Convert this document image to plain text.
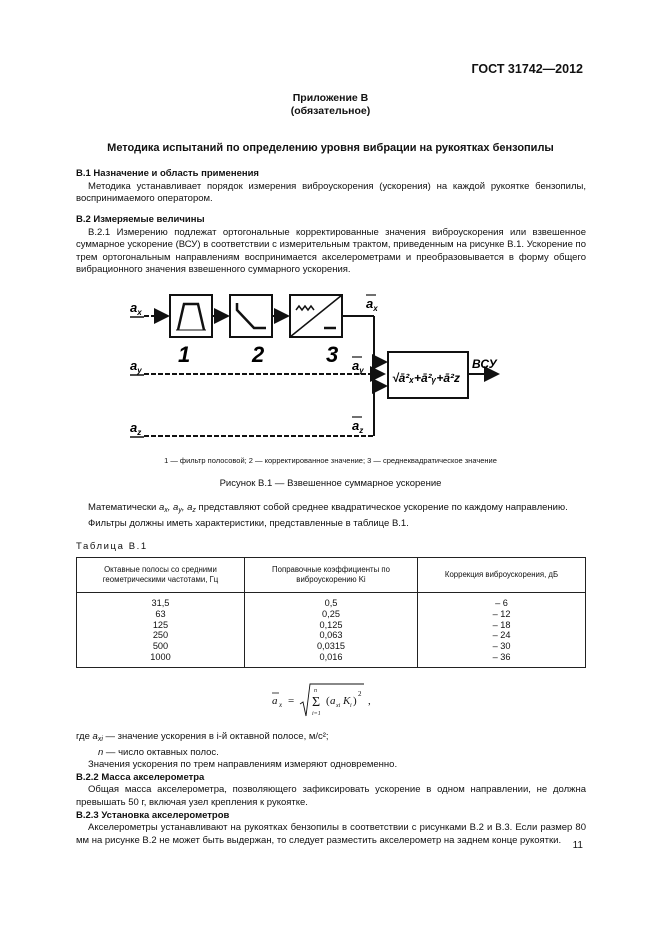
ГОСТ 31742—2012
Приложение В
(обязательное)
Методика испытаний по определению уровня вибрации на рукоятках бензопилы

В.1 Назначение и область применения

Методика устанавливает порядок измерения виброускорения (ускорения) на каждой рукоятке бензопилы, воспринимаемого оператором.

В.2 Измеряемые величины

В.2.1 Измерению подлежат ортогональные корректированные значения виброускорения или взвешенное суммарное ускорение (ВСУ) в соответствии с измерительным трактом, приведенным на рисунке В.1. Ускорение по трем ортогональным направлениям воспринимается акселерометрами и преобразовывается в форму общего вибрационного значения взвешенного суммарного ускорения.

$a_x$
$a_y$
$a_z$
$a_x$
$a_y$
$a_z$
1	2	3
√ā²ₓ+ā²ᵧ+ā²z
ВСУ
1 — фильтр полосовой; 2 — корректированное значение; 3 — среднеквадратическое значение
Рисунок В.1 — Взвешенное суммарное ускорение

Математически $a_x$, $a_y$, $a_z$ представляют собой среднее квадратическое ускорение по каждому направлению.

Фильтры должны иметь характеристики, представленные в таблице В.1.

Таблица В.1
Октавные полосы со средними геометрическими частотами, Гц	Поправочные коэффициенты по виброускорению Ki	Коррекция виброускорения, дБ
31,5	0,5	– 6
63	0,25	– 12
125	0,125	– 18
250	0,063	– 24
500	0,0315	– 30
1000	0,016	– 36
a x =
n
Σ
i=1
( a xi K i )
2
,

где $a_{xi}$ — значение ускорения в i-й октавной полосе, м/с²;

n — число октавных полос.

Значения ускорения по трем направлениям измеряют одновременно.

В.2.2 Масса акселерометра

Общая масса акселерометра, позволяющего зафиксировать ускорение в одном направлении, не должна превышать 50 г, включая узел крепления к рукоятке.

В.2.3 Установка акселерометров

Акселерометры устанавливают на рукоятках бензопилы в соответствии с рисунками В.2 и В.3. Если размер 80 мм на рисунке В.2 не может быть выдержан, то следует разместить акселерометр на заднем конце рукоятки.	11
